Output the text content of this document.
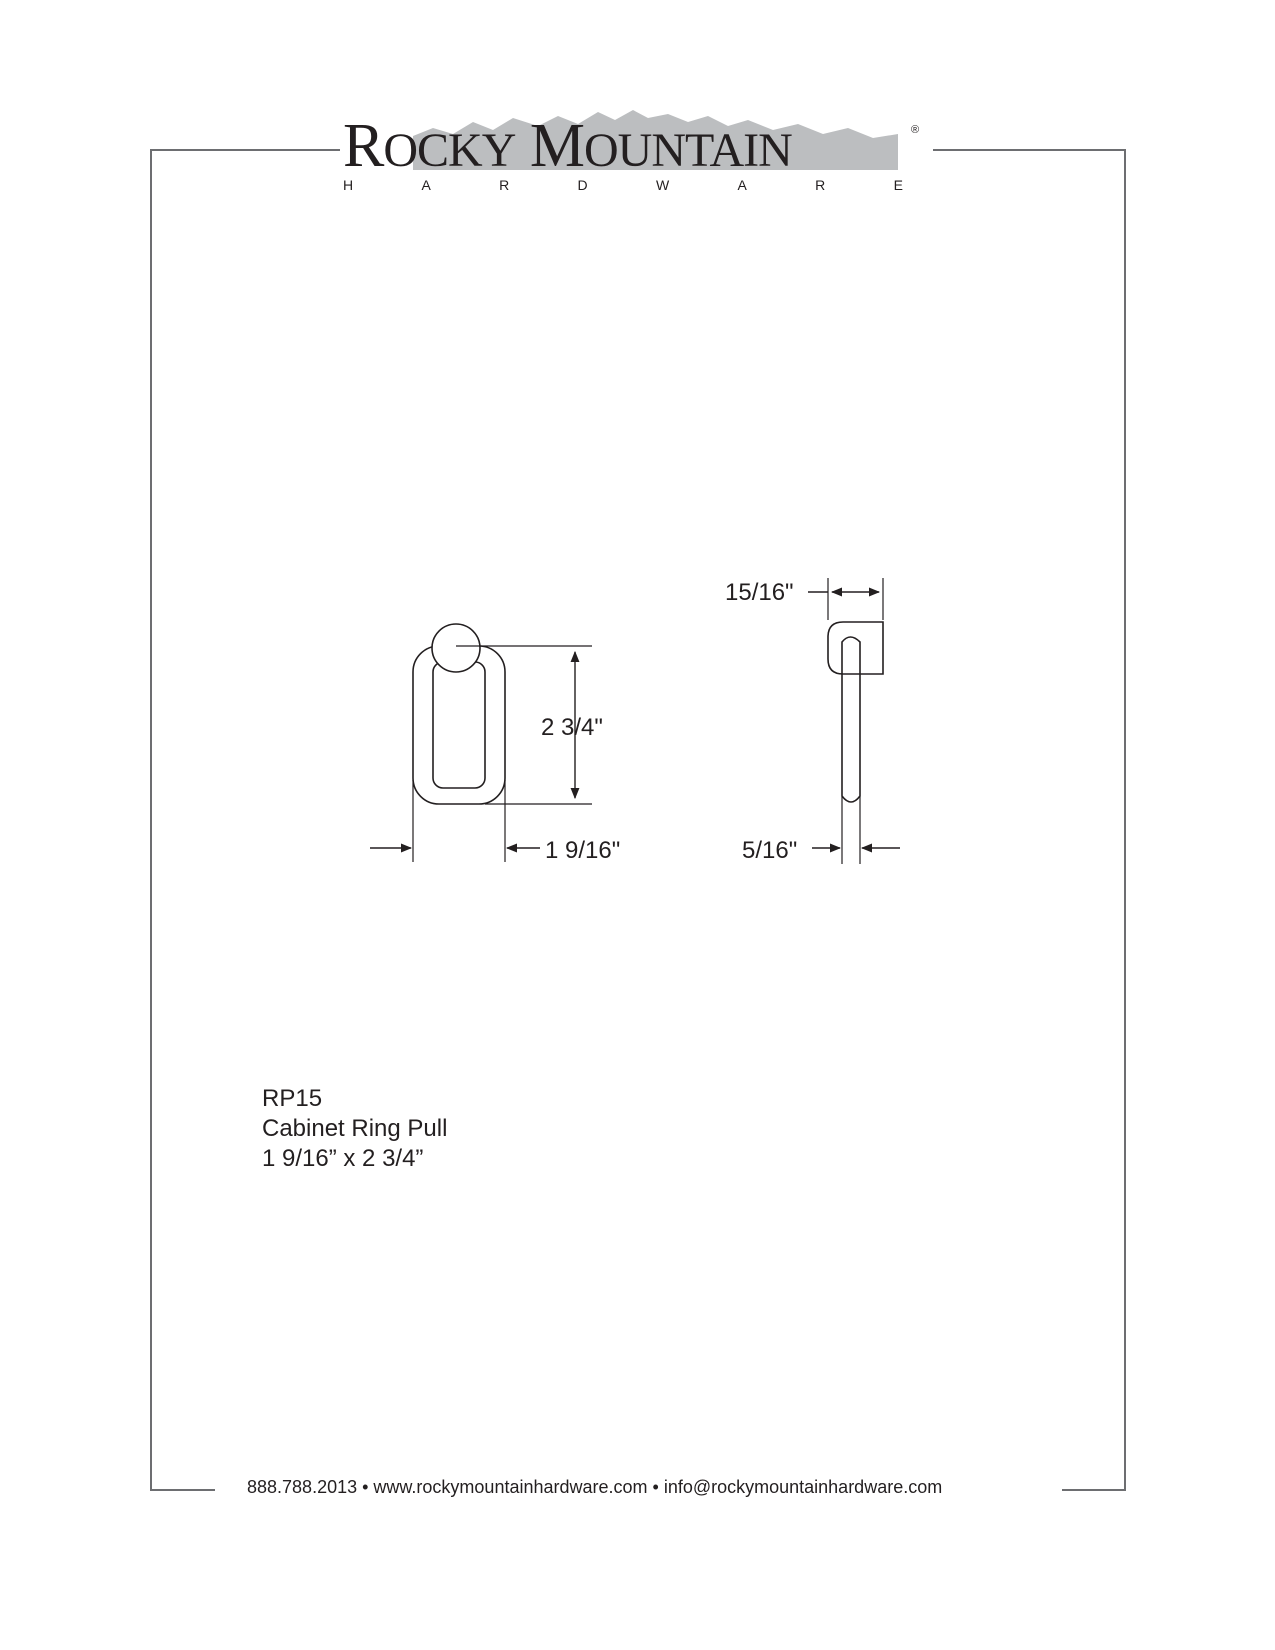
ROCKY MOUNTAIN	®
H	A	R	D	W	A	R	E
2 3/4"
1 9/16"
15/16"
5/16"
RP15
Cabinet Ring Pull
1 9/16” x 2 3/4”
888.788.2013 • www.rockymountainhardware.com • info@rockymountainhardware.com
